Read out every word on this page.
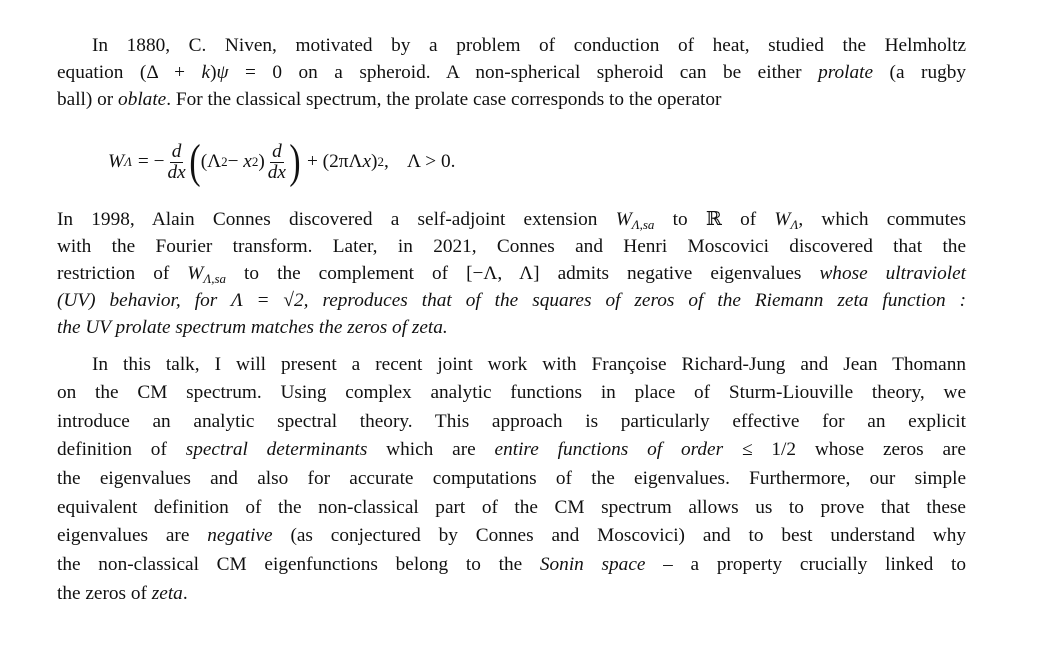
In 1880, C. Niven, motivated by a problem of conduction of heat, studied the Helmholtz
equation (Δ + k)ψ = 0 on a spheroid. A non-spherical spheroid can be either prolate (a rugby
ball) or oblate. For the classical spectrum, the prolate case corresponds to the operator
In 1998, Alain Connes discovered a self-adjoint extension $W_{\Lambda,sa}$ to ℝ of $W_\Lambda$, which commutes
with the Fourier transform. Later, in 2021, Connes and Henri Moscovici discovered that the
restriction of $W_{\Lambda,sa}$ to the complement of [−Λ, Λ] admits negative eigenvalues whose ultraviolet
(UV) behavior, for Λ = √2, reproduces that of the squares of zeros of the Riemann zeta function :
the UV prolate spectrum matches the zeros of zeta.
In this talk, I will present a recent joint work with Françoise Richard-Jung and Jean Thomann
on the CM spectrum. Using complex analytic functions in place of Sturm-Liouville theory, we
introduce an analytic spectral theory. This approach is particularly effective for an explicit
definition of spectral determinants which are entire functions of order ≤ 1/2 whose zeros are
the eigenvalues and also for accurate computations of the eigenvalues. Furthermore, our simple
equivalent definition of the non-classical part of the CM spectrum allows us to prove that these
eigenvalues are negative (as conjectured by Connes and Moscovici) and to best understand why
the non-classical CM eigenfunctions belong to the Sonin space – a property crucially linked to
the zeros of zeta.
W Λ = − $\frac{d}{dx}$ ( (Λ 2 −
x 2 ) $\frac{d}{dx}$ ) + (2πΛ x ) 2 ,    Λ > 0.
